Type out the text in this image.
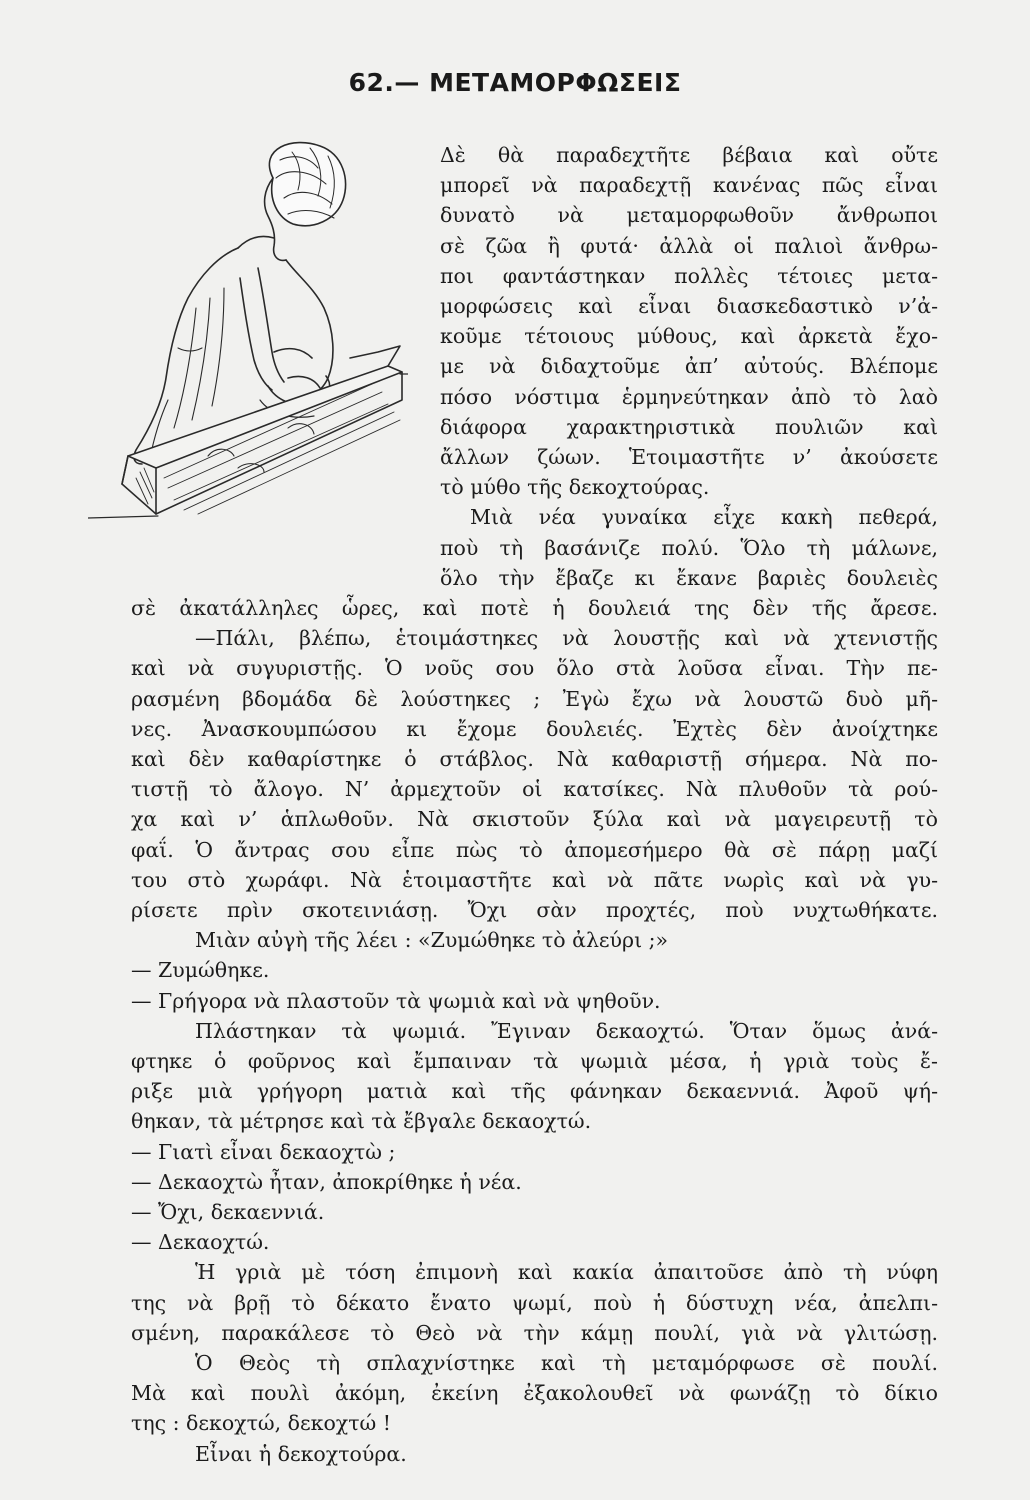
62.— ΜΕΤΑΜΟΡΦΩΣΕΙΣ
Δὲ θὰ παραδεχτῆτε βέβαια καὶ οὔτε
μπορεῖ νὰ παραδεχτῇ κανένας πῶς εἶναι
δυνατὸ νὰ μεταμορφωθοῦν ἄνθρωποι
σὲ ζῶα ἢ φυτά· ἀλλὰ οἱ παλιοὶ ἄνθρω-
ποι φαντάστηκαν πολλὲς τέτοιες μετα-
μορφώσεις καὶ εἶναι διασκεδαστικὸ ν’ἀ-
κοῦμε τέτοιους μύθους, καὶ ἀρκετὰ ἔχο-
με νὰ διδαχτοῦμε ἀπ’ αὐτούς. Βλέπομε
πόσο νόστιμα ἑρμηνεύτηκαν ἀπὸ τὸ λαὸ
διάφορα χαρακτηριστικὰ πουλιῶν καὶ
ἄλλων ζώων. Ἑτοιμαστῆτε ν’ ἀκούσετε
τὸ μύθο τῆς δεκοχτούρας.
Μιὰ νέα γυναίκα εἶχε κακὴ πεθερά,
ποὺ τὴ βασάνιζε πολύ. Ὅλο τὴ μάλωνε,
ὅλο τὴν ἔβαζε κι ἔκανε βαριὲς δουλειὲς
σὲ ἀκατάλληλες ὧρες, καὶ ποτὲ ἡ δουλειά της δὲν τῆς ἄρεσε.
—Πάλι, βλέπω, ἑτοιμάστηκες νὰ λουστῇς καὶ νὰ χτενιστῇς
καὶ νὰ συγυριστῇς. Ὁ νοῦς σου ὅλο στὰ λοῦσα εἶναι. Τὴν πε-
ρασμένη βδομάδα δὲ λούστηκες ; Ἐγὼ ἔχω νὰ λουστῶ δυὸ μῆ-
νες. Ἀνασκουμπώσου κι ἔχομε δουλειές. Ἐχτὲς δὲν ἀνοίχτηκε
καὶ δὲν καθαρίστηκε ὁ στάβλος. Νὰ καθαριστῇ σήμερα. Νὰ πο-
τιστῇ τὸ ἄλογο. Ν’ ἀρμεχτοῦν οἱ κατσίκες. Νὰ πλυθοῦν τὰ ρού-
χα καὶ ν’ ἁπλωθοῦν. Νὰ σκιστοῦν ξύλα καὶ νὰ μαγειρευτῇ τὸ
φαΐ. Ὁ ἄντρας σου εἶπε πὼς τὸ ἀπομεσήμερο θὰ σὲ πάρῃ μαζί
του στὸ χωράφι. Νὰ ἑτοιμαστῆτε καὶ νὰ πᾶτε νωρὶς καὶ νὰ γυ-
ρίσετε πρὶν σκοτεινιάσῃ. Ὄχι σὰν προχτές, ποὺ νυχτωθήκατε.
Μιὰν αὐγὴ τῆς λέει : «Ζυμώθηκε τὸ ἀλεύρι ;»
— Ζυμώθηκε.
— Γρήγορα νὰ πλαστοῦν τὰ ψωμιὰ καὶ νὰ ψηθοῦν.
Πλάστηκαν τὰ ψωμιά. Ἔγιναν δεκαοχτώ. Ὅταν ὅμως ἀνά-
φτηκε ὁ φοῦρνος καὶ ἔμπαιναν τὰ ψωμιὰ μέσα, ἡ γριὰ τοὺς ἔ-
ριξε μιὰ γρήγορη ματιὰ καὶ τῆς φάνηκαν δεκαεννιά. Ἀφοῦ ψή-
θηκαν, τὰ μέτρησε καὶ τὰ ἔβγαλε δεκαοχτώ.
— Γιατὶ εἶναι δεκαοχτὼ ;
— Δεκαοχτὼ ἦταν, ἀποκρίθηκε ἡ νέα.
— Ὄχι, δεκαεννιά.
— Δεκαοχτώ.
Ἡ γριὰ μὲ τόση ἐπιμονὴ καὶ κακία ἀπαιτοῦσε ἀπὸ τὴ νύφη
της νὰ βρῇ τὸ δέκατο ἔνατο ψωμί, ποὺ ἡ δύστυχη νέα, ἀπελπι-
σμένη, παρακάλεσε τὸ Θεὸ νὰ τὴν κάμῃ πουλί, γιὰ νὰ γλιτώσῃ.
Ὁ Θεὸς τὴ σπλαχνίστηκε καὶ τὴ μεταμόρφωσε σὲ πουλί.
Μὰ καὶ πουλὶ ἀκόμη, ἐκείνη ἐξακολουθεῖ νὰ φωνάζῃ τὸ δίκιο
της : δεκοχτώ, δεκοχτώ !
Εἶναι ἡ δεκοχτούρα.
